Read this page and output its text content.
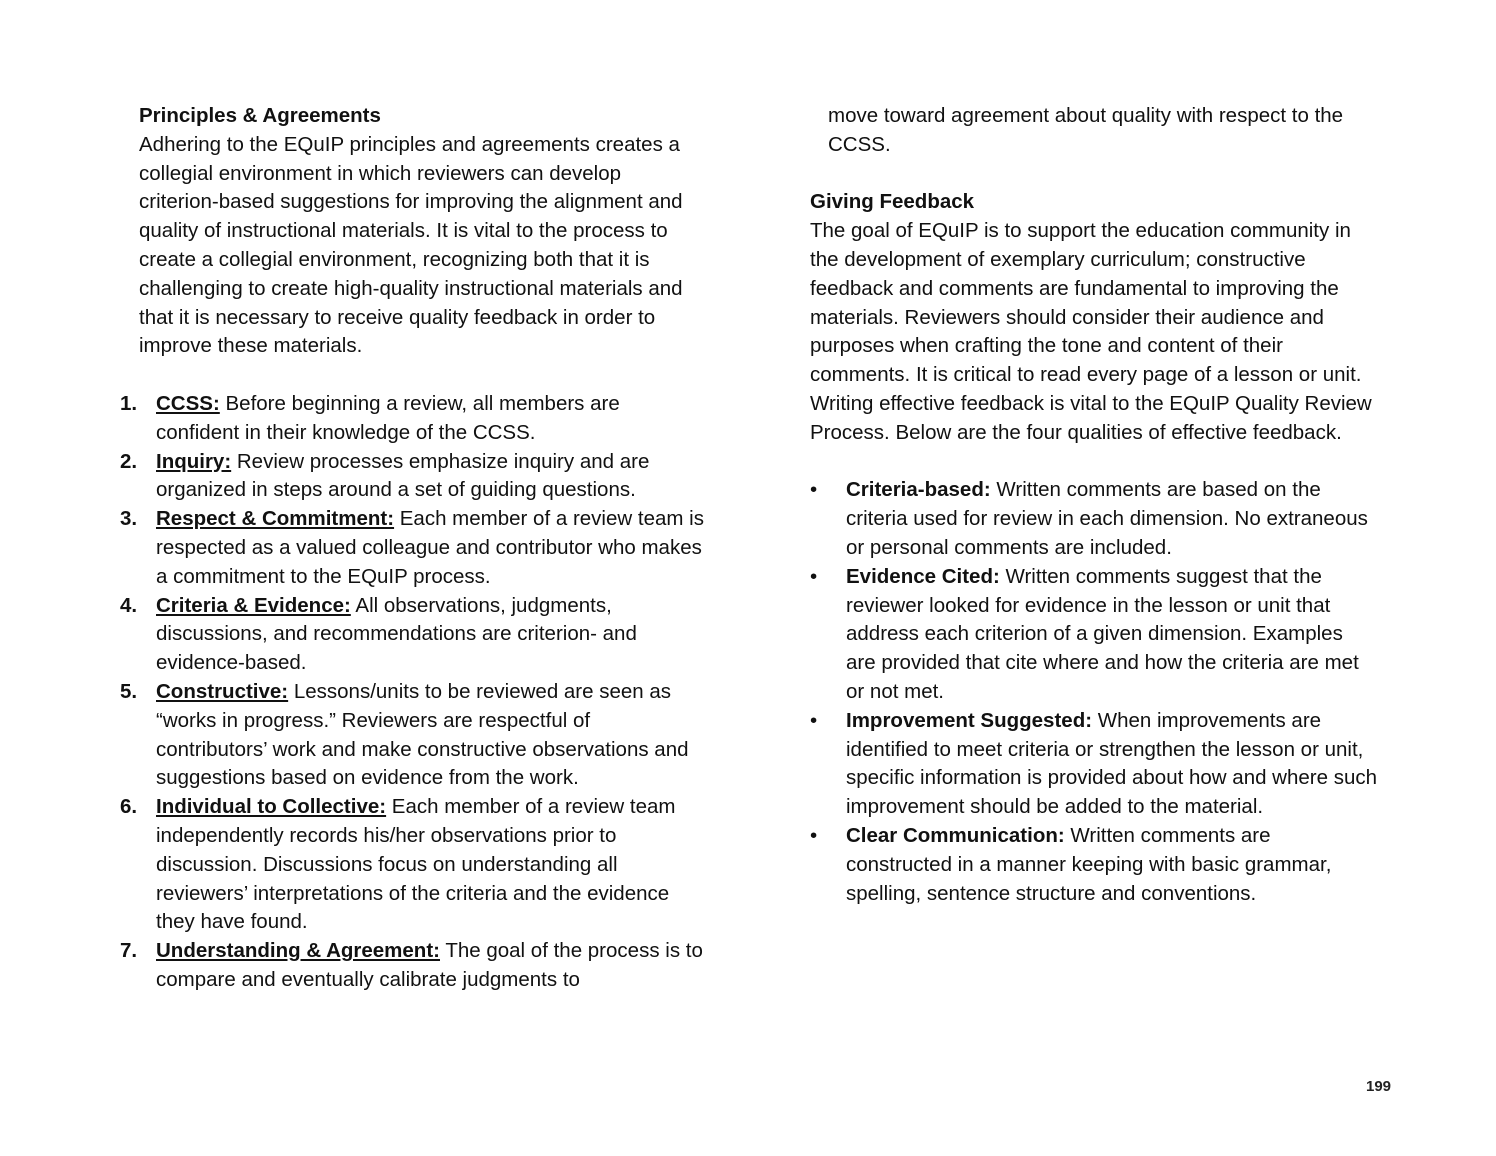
Principles & Agreements

Adhering to the EQuIP principles and agreements creates a collegial environment in which reviewers can develop criterion-based suggestions for improving the alignment and quality of instructional materials. It is vital to the process to create a collegial environment, recognizing both that it is challenging to create high-quality instructional materials and that it is necessary to receive quality feedback in order to improve these materials.

1. CCSS: Before beginning a review, all members are confident in their knowledge of the CCSS.
2. Inquiry: Review processes emphasize inquiry and are organized in steps around a set of guiding questions.
3. Respect & Commitment: Each member of a review team is respected as a valued colleague and contributor who makes a commitment to the EQuIP process.
4. Criteria & Evidence: All observations, judgments, discussions, and recommendations are criterion- and evidence-based.
5. Constructive: Lessons/units to be reviewed are seen as “works in progress.” Reviewers are respectful of contributors’ work and make constructive observations and suggestions based on evidence from the work.
6. Individual to Collective: Each member of a review team independently records his/her observations prior to discussion. Discussions focus on understanding all reviewers’ interpretations of the criteria and the evidence they have found.
7. Understanding & Agreement: The goal of the process is to compare and eventually calibrate judgments to

move toward agreement about quality with respect to the CCSS.

Giving Feedback

The goal of EQuIP is to support the education community in the development of exemplary curriculum; constructive feedback and comments are fundamental to improving the materials. Reviewers should consider their audience and purposes when crafting the tone and content of their comments. It is critical to read every page of a lesson or unit. Writing effective feedback is vital to the EQuIP Quality Review Process. Below are the four qualities of effective feedback.

• Criteria-based: Written comments are based on the criteria used for review in each dimension. No extraneous or personal comments are included.
• Evidence Cited: Written comments suggest that the reviewer looked for evidence in the lesson or unit that address each criterion of a given dimension. Examples are provided that cite where and how the criteria are met or not met.
• Improvement Suggested: When improvements are identified to meet criteria or strengthen the lesson or unit, specific information is provided about how and where such improvement should be added to the material.
• Clear Communication: Written comments are constructed in a manner keeping with basic grammar, spelling, sentence structure and conventions.
199
